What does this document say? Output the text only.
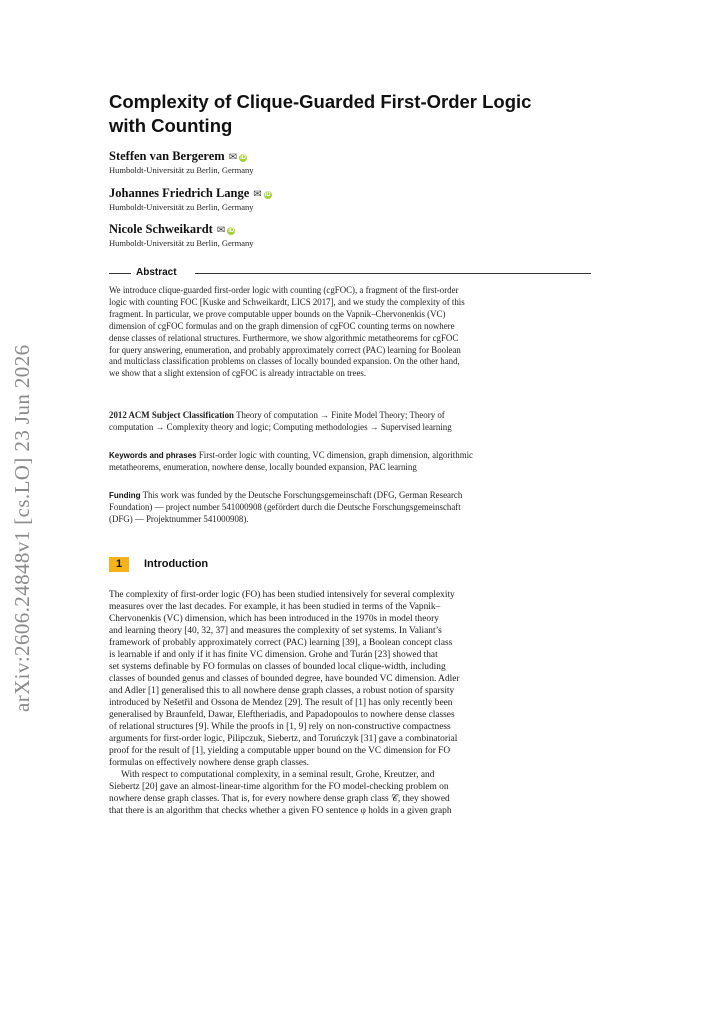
arXiv:2606.24848v1 [cs.LO] 23 Jun 2026
Complexity of Clique-Guarded First-Order Logic
with Counting
Steffen van Bergerem ✉ iD
Humboldt-Universität zu Berlin, Germany
Johannes Friedrich Lange ✉ iD
Humboldt-Universität zu Berlin, Germany
Nicole Schweikardt ✉ iD
Humboldt-Universität zu Berlin, Germany
Abstract
We introduce clique-guarded first-order logic with counting (cgFOC), a fragment of the first-order
logic with counting FOC [Kuske and Schweikardt, LICS 2017], and we study the complexity of this
fragment. In particular, we prove computable upper bounds on the Vapnik–Chervonenkis (VC)
dimension of cgFOC formulas and on the graph dimension of cgFOC counting terms on nowhere
dense classes of relational structures. Furthermore, we show algorithmic metatheorems for cgFOC
for query answering, enumeration, and probably approximately correct (PAC) learning for Boolean
and multiclass classification problems on classes of locally bounded expansion. On the other hand,
we show that a slight extension of cgFOC is already intractable on trees.
2012 ACM Subject Classification Theory of computation → Finite Model Theory; Theory of
computation → Complexity theory and logic; Computing methodologies → Supervised learning
Keywords and phrases First-order logic with counting, VC dimension, graph dimension, algorithmic
metatheorems, enumeration, nowhere dense, locally bounded expansion, PAC learning
Funding This work was funded by the Deutsche Forschungsgemeinschaft (DFG, German Research
Foundation) — project number 541000908 (gefördert durch die Deutsche Forschungsgemeinschaft
(DFG) — Projektnummer 541000908).
1	Introduction
The complexity of first-order logic (FO) has been studied intensively for several complexity
measures over the last decades. For example, it has been studied in terms of the Vapnik–
Chervonenkis (VC) dimension, which has been introduced in the 1970s in model theory
and learning theory [40, 32, 37] and measures the complexity of set systems. In Valiant’s
framework of probably approximately correct (PAC) learning [39], a Boolean concept class
is learnable if and only if it has finite VC dimension. Grohe and Turán [23] showed that
set systems definable by FO formulas on classes of bounded local clique-width, including
classes of bounded genus and classes of bounded degree, have bounded VC dimension. Adler
and Adler [1] generalised this to all nowhere dense graph classes, a robust notion of sparsity
introduced by Nešetřil and Ossona de Mendez [29]. The result of [1] has only recently been
generalised by Braunfeld, Dawar, Eleftheriadis, and Papadopoulos to nowhere dense classes
of relational structures [9]. While the proofs in [1, 9] rely on non-constructive compactness
arguments for first-order logic, Pilipczuk, Siebertz, and Toruńczyk [31] gave a combinatorial
proof for the result of [1], yielding a computable upper bound on the VC dimension for FO
formulas on effectively nowhere dense graph classes.
With respect to computational complexity, in a seminal result, Grohe, Kreutzer, and
Siebertz [20] gave an almost-linear-time algorithm for the FO model-checking problem on
nowhere dense graph classes. That is, for every nowhere dense graph class 𝒞, they showed
that there is an algorithm that checks whether a given FO sentence φ holds in a given graph
